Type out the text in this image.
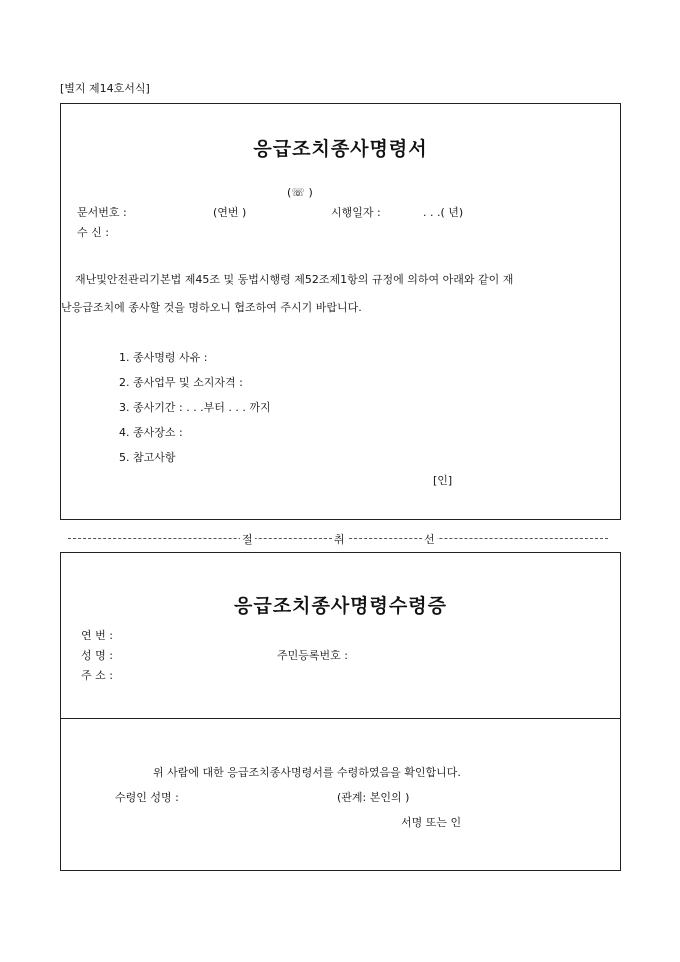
[별지 제14호서식]
응급조치종사명령서
(☏ )
문서번호 :	(연번 )	시행일자 :	. . .( 년)
수 신 :
재난및안전관리기본법 제45조 및 동법시행령 제52조제1항의 규정에 의하여 아래와 같이 재
난응급조치에 종사할 것을 명하오니 협조하여 주시기 바랍니다.
1. 종사명령 사유 :
2. 종사업무 및 소지자격 :
3. 종사기간 : . . .부터 . . . 까지
4. 종사장소 :
5. 참고사항
[인]
절	취	선
응급조치종사명령수령증
연 번 :
성 명 :	주민등록번호 :
주 소 :
위 사람에 대한 응급조치종사명령서를 수령하였음을 확인합니다.
수령인 성명 :	(관계: 본인의 )
서명 또는 인
